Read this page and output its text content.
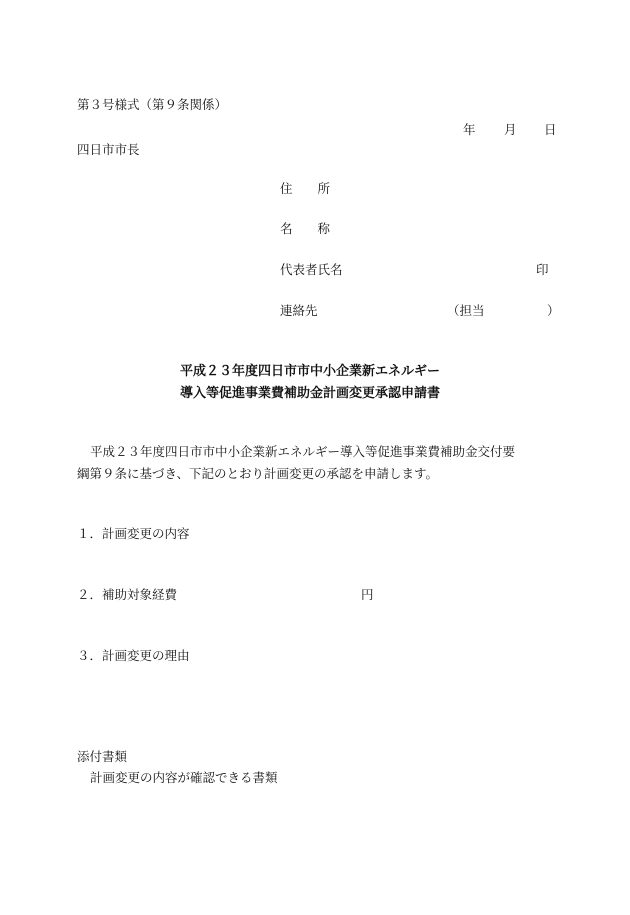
第３号様式（第９条関係）
年 月 日
四日市市長
住　　所
名　　称
代表者氏名	印
連絡先	（担当　　　　　）
平成２３年度四日市市中小企業新エネルギー
導入等促進事業費補助金計画変更承認申請書
平成２３年度四日市市中小企業新エネルギー導入等促進事業費補助金交付要
綱第９条に基づき、下記のとおり計画変更の承認を申請します。
１．計画変更の内容
２．補助対象経費	円
３．計画変更の理由
添付書類
計画変更の内容が確認できる書類
